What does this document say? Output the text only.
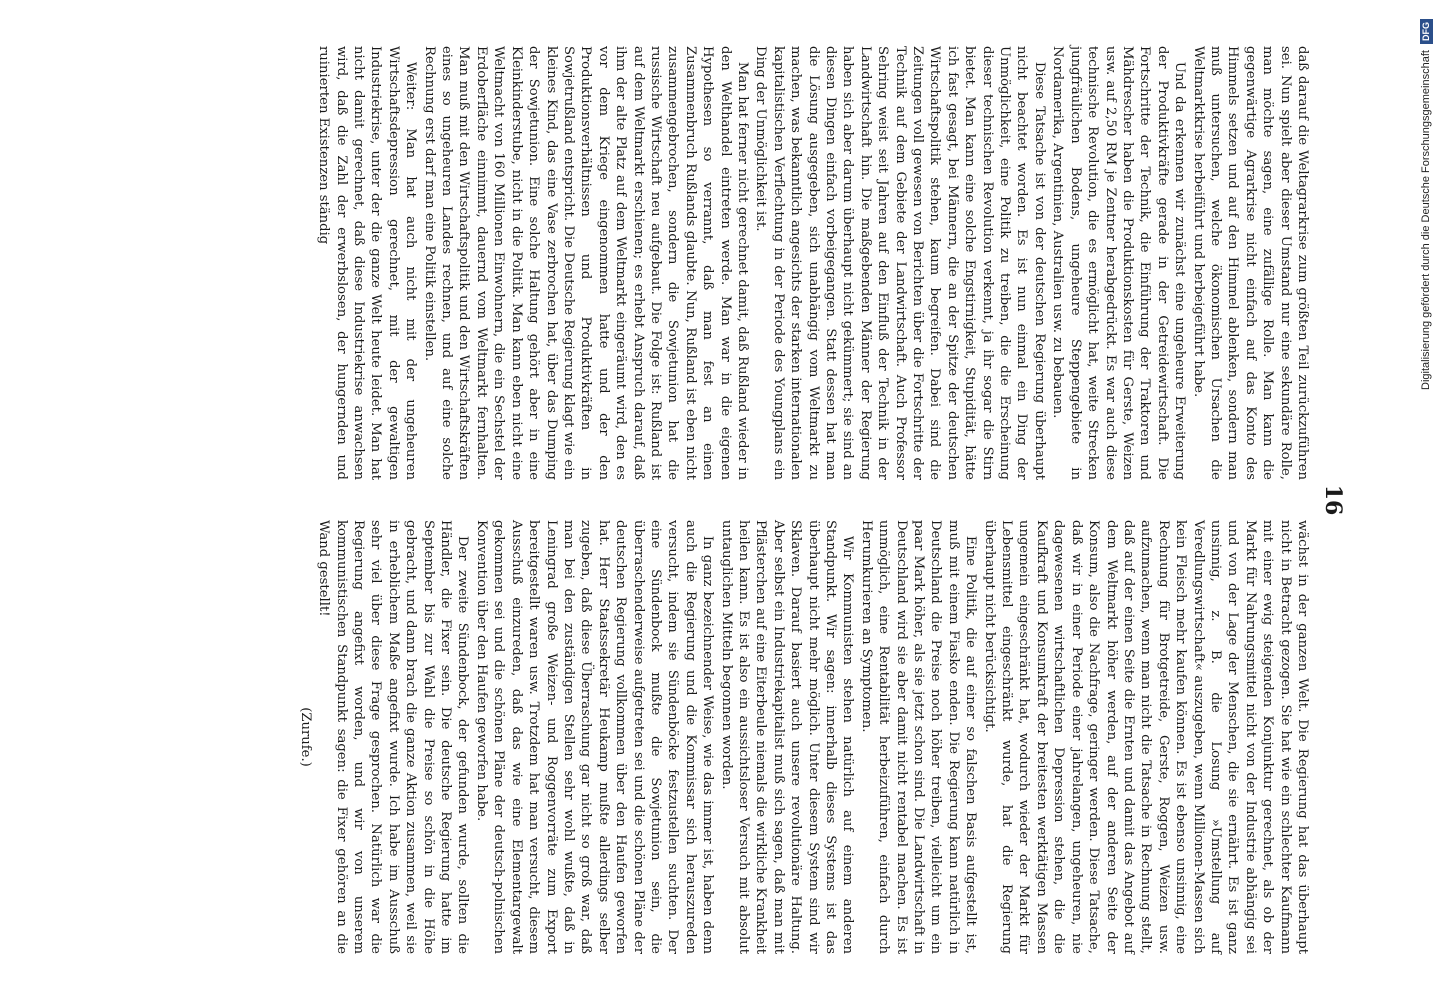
16

daß darauf die Weltagrarkrise zum größten Teil zurückzuführen sei. Nun spielt aber dieser Umstand nur eine sekundäre Rolle, man möchte sagen, eine zufällige Rolle. Man kann die gegenwärtige Agrarkrise nicht einfach auf das Konto des Himmels setzen und auf den Himmel ablenken, sondern man muß untersuchen, welche ökonomischen Ursachen die Weltmarktkrise herbeiführt und herbeigeführt habe.

Und da erkennen wir zunächst eine ungeheure Erweiterung der Produktivkräfte gerade in der Getreidewirtschaft. Die Fortschritte der Technik, die Einführung der Traktoren und Mähdrescher haben die Produktionskosten für Gerste, Weizen usw. auf 2,50 RM je Zentner herabgedrückt. Es war auch diese technische Revolution, die es ermöglicht hat, weite Strecken jungfräulichen Bodens, ungeheure Steppengebiete in Nordamerika, Argentinien, Australien usw. zu bebauen.

Diese Tatsache ist von der deutschen Regierung überhaupt nicht beachtet worden. Es ist nun einmal ein Ding der Unmöglichkeit, eine Politik zu treiben, die die Erscheinung dieser technischen Revolution verkennt, ja ihr sogar die Stirn bietet. Man kann eine solche Engstirnigkeit, Stupidität, hätte ich fast gesagt, bei Männern, die an der Spitze der deutschen Wirtschaftspolitik stehen, kaum begreifen. Dabei sind die Zeitungen voll gewesen von Berichten über die Fortschritte der Technik auf dem Gebiete der Landwirtschaft. Auch Professor Sehring weist seit Jahren auf den Einfluß der Technik in der Landwirtschaft hin. Die maßgebenden Männer der Regierung haben sich aber darum überhaupt nicht gekümmert; sie sind an diesen Dingen einfach vorbeigegangen. Statt dessen hat man die Lösung ausgegeben, sich unabhängig vom Weltmarkt zu machen, was bekanntlich angesichts der starken internationalen kapitalistischen Verflechtung in der Periode des Youngplans ein Ding der Unmöglichkeit ist.

Man hat ferner nicht gerechnet damit, daß Rußland wieder in den Welthandel eintreten werde. Man war in die eigenen Hypothesen so verrannt, daß man fest an einen Zusammenbruch Rußlands glaubte. Nun, Rußland ist eben nicht zusammengebrochen, sondern die Sowjetunion hat die russische Wirtschaft neu aufgebaut. Die Folge ist: Rußland ist auf dem Weltmarkt erschienen; es erhebt Anspruch darauf, daß ihm der alte Platz auf dem Weltmarkt eingeräumt wird, den es vor dem Kriege eingenommen hatte und der den Produktionsverhältnissen und Produktivkräften in Sowjetrußland entspricht. Die Deutsche Regierung klagt wie ein kleines Kind, das eine Vase zerbrochen hat, über das Dumping der Sowjetunion. Eine solche Haltung gehört aber in eine Kleinkinderstube, nicht in die Politik. Man kann eben nicht eine Weltmacht von 160 Millionen Einwohnern, die ein Sechstel der Erdoberfläche einnimmt, dauernd vom Weltmarkt fernhalten. Man muß mit den Wirtschaftspolitik und den Wirtschaftskräften eines so ungeheuren Landes rechnen, und auf eine solche Rechnung erst darf man eine Politik einstellen.

Weiter: Man hat auch nicht mit der ungeheuren Wirtschaftsdepression gerechnet, mit der gewaltigen Industriekrise, unter der die ganze Welt heute leidet. Man hat nicht damit gerechnet, daß diese Industriekrise anwachsen wird, daß die Zahl der erwerbslosen, der hungernden und ruinierten Existenzen ständig

wächst in der ganzen Welt. Die Regierung hat das überhaupt nicht in Betracht gezogen. Sie hat wie ein schlechter Kaufmann mit einer ewig steigenden Konjunktur gerechnet, als ob der Markt für Nahrungsmittel nicht von der Industrie abhängig sei und von der Lage der Menschen, die sie ernährt. Es ist ganz unsinnig, z. B. die Losung »Umstellung auf Veredlungswirtschaft« auszugeben, wenn Millionen-Massen sich kein Fleisch mehr kaufen können. Es ist ebenso unsinnig, eine Rechnung für Brotgetreide, Gerste, Roggen, Weizen usw. aufzumachen, wenn man nicht die Tatsache in Rechnung stellt, daß auf der einen Seite die Ernten und damit das Angebot auf dem Weltmarkt höher werden, auf der anderen Seite der Konsum, also die Nachfrage, geringer werden. Diese Tatsache, daß wir in einer Periode einer jahrelangen, ungeheuren, nie dagewesenen wirtschaftlichen Depression stehen, die die Kaufkraft und Konsumkraft der breitesten werktätigen Massen ungemein eingeschränkt hat, wodurch wieder der Markt für Lebensmittel eingeschränkt wurde, hat die Regierung überhaupt nicht berücksichtigt.

Eine Politik, die auf einer so falschen Basis aufgestellt ist, muß mit einem Fiasko enden. Die Regierung kann natürlich in Deutschland die Preise noch höher treiben, vielleicht um ein paar Mark höher, als sie jetzt schon sind. Die Landwirtschaft in Deutschland wird sie aber damit nicht rentabel machen. Es ist unmöglich, eine Rentabilität herbeizuführen, einfach durch Herumkurieren an Symptomen.

Wir Kommunisten stehen natürlich auf einem anderen Standpunkt. Wir sagen: innerhalb dieses Systems ist das überhaupt nicht mehr möglich. Unter diesem System sind wir Sklaven. Darauf basiert auch unsere revolutionäre Haltung. Aber selbst ein Industriekapitalist muß sich sagen, daß man mit Pflästerchen auf eine Eiterbeule niemals die wirkliche Krankheit heilen kann. Es ist also ein aussichtsloser Versuch mit absolut untauglichen Mitteln begonnen worden.

In ganz bezeichnender Weise, wie das immer ist, haben denn auch die Regierung und die Kommissar sich herauszureden versucht, indem sie Sündenböcke festzustellen suchten. Der eine Sündenbock mußte die Sowjetunion sein, die überraschenderweise aufgetreten sei und die schönen Pläne der deutschen Regierung vollkommen über den Haufen geworfen hat. Herr Staatssekretär Heukamp mußte allerdings selber zugeben, daß diese Überraschung gar nicht so groß war, daß man bei den zuständigen Stellen sehr wohl wußte, daß in Leningrad große Weizen- und Roggenvorräte zum Export bereitgestellt waren usw. Trotzdem hat man versucht, diesem Ausschuß einzureden, daß das wie eine Elementargewalt gekommen sei und die schönen Pläne der deutsch-polnischen Konvention über den Haufen geworfen habe.

Der zweite Sündenbock, der gefunden wurde, sollten die Händler, die Fixer sein. Die deutsche Regierung hatte im September bis zur Wahl die Preise so schön in die Höhe gebracht, und dann brach die ganze Aktion zusammen, weil sie in erheblichem Maße angefixt wurde. Ich habe im Ausschuß sehr viel über diese Frage gesprochen. Natürlich war die Regierung angefixt worden, und wir von unserem kommunistischen Standpunkt sagen: die Fixer gehören an die Wand gestellt!

(Zurufe.)

Digitalisierung gefördert durch die Deutsche Forschungsgemeinschaft
DFG
